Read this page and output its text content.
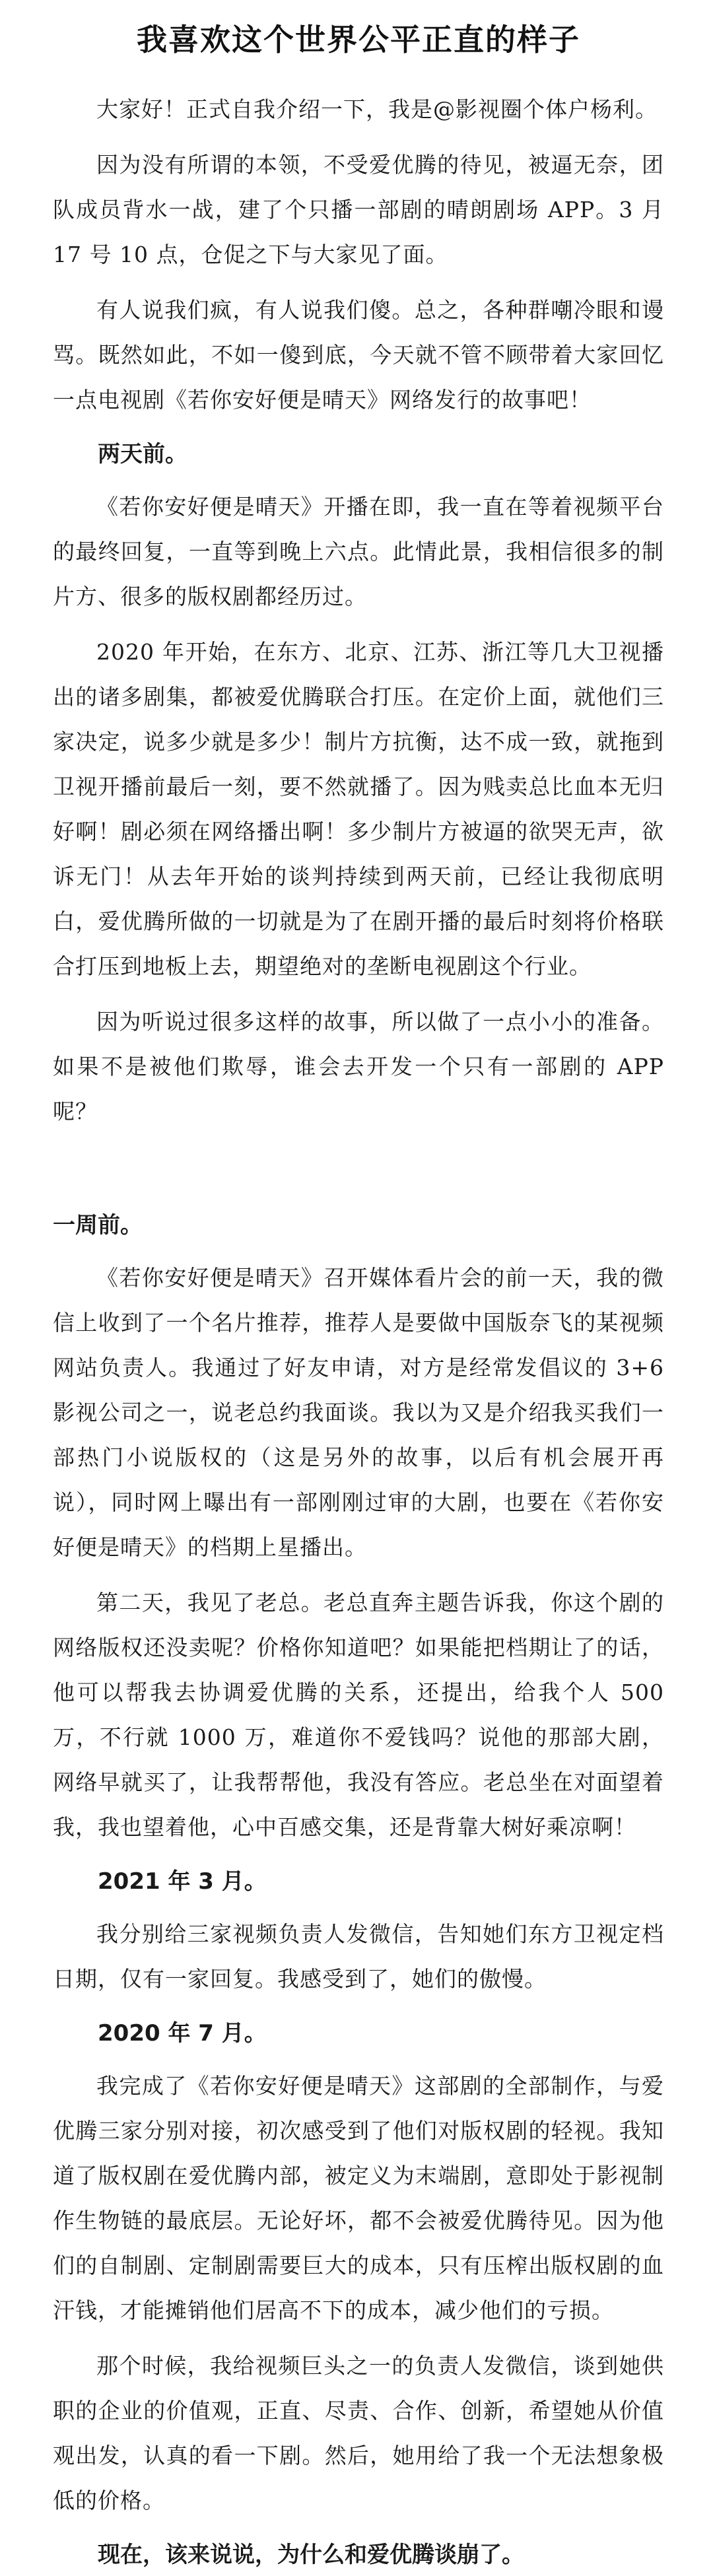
我喜欢这个世界公平正直的样子

大家好！正式自我介绍一下，我是@影视圈个体户杨利。

因为没有所谓的本领，不受爱优腾的待见，被逼无奈，团队成员背水一战，建了个只播一部剧的晴朗剧场 APP。3 月 17 号 10 点，仓促之下与大家见了面。

有人说我们疯，有人说我们傻。总之，各种群嘲冷眼和谩骂。既然如此，不如一傻到底，今天就不管不顾带着大家回忆一点电视剧《若你安好便是晴天》网络发行的故事吧！

两天前。

《若你安好便是晴天》开播在即，我一直在等着视频平台的最终回复，一直等到晚上六点。此情此景，我相信很多的制片方、很多的版权剧都经历过。

2020 年开始，在东方、北京、江苏、浙江等几大卫视播出的诸多剧集，都被爱优腾联合打压。在定价上面，就他们三家决定，说多少就是多少！制片方抗衡，达不成一致，就拖到卫视开播前最后一刻，要不然就播了。因为贱卖总比血本无归好啊！剧必须在网络播出啊！多少制片方被逼的欲哭无声，欲诉无门！从去年开始的谈判持续到两天前，已经让我彻底明白，爱优腾所做的一切就是为了在剧开播的最后时刻将价格联合打压到地板上去，期望绝对的垄断电视剧这个行业。

因为听说过很多这样的故事，所以做了一点小小的准备。如果不是被他们欺辱，谁会去开发一个只有一部剧的 APP 呢？

一周前。

《若你安好便是晴天》召开媒体看片会的前一天，我的微信上收到了一个名片推荐，推荐人是要做中国版奈飞的某视频网站负责人。我通过了好友申请，对方是经常发倡议的 3+6 影视公司之一，说老总约我面谈。我以为又是介绍我买我们一部热门小说版权的（这是另外的故事，以后有机会展开再说），同时网上曝出有一部刚刚过审的大剧，也要在《若你安好便是晴天》的档期上星播出。

第二天，我见了老总。老总直奔主题告诉我，你这个剧的网络版权还没卖呢？价格你知道吧？如果能把档期让了的话，他可以帮我去协调爱优腾的关系，还提出，给我个人 500 万，不行就 1000 万，难道你不爱钱吗？说他的那部大剧，网络早就买了，让我帮帮他，我没有答应。老总坐在对面望着我，我也望着他，心中百感交集，还是背靠大树好乘凉啊！

2021 年 3 月。

我分别给三家视频负责人发微信，告知她们东方卫视定档日期，仅有一家回复。我感受到了，她们的傲慢。

2020 年 7 月。

我完成了《若你安好便是晴天》这部剧的全部制作，与爱优腾三家分别对接，初次感受到了他们对版权剧的轻视。我知道了版权剧在爱优腾内部，被定义为末端剧，意即处于影视制作生物链的最底层。无论好坏，都不会被爱优腾待见。因为他们的自制剧、定制剧需要巨大的成本，只有压榨出版权剧的血汗钱，才能摊销他们居高不下的成本，减少他们的亏损。

那个时候，我给视频巨头之一的负责人发微信，谈到她供职的企业的价值观，正直、尽责、合作、创新，希望她从价值观出发，认真的看一下剧。然后，她用给了我一个无法想象极低的价格。

现在，该来说说，为什么和爱优腾谈崩了。
